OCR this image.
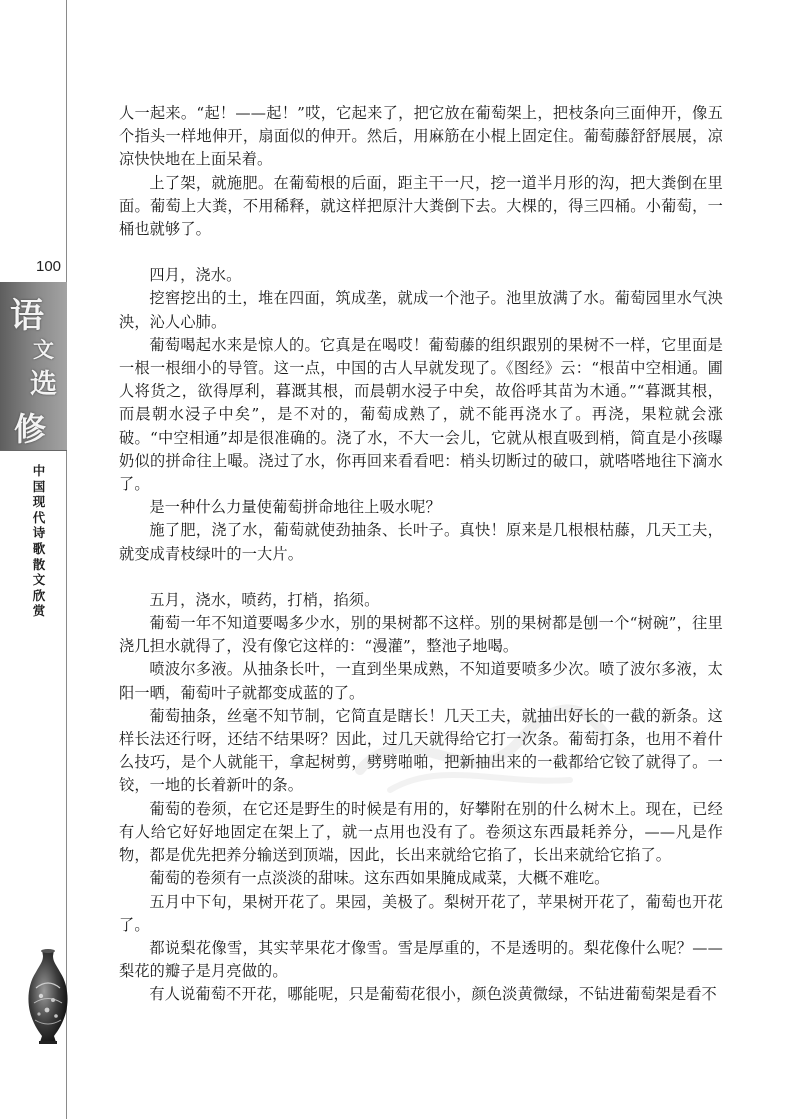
100
语
文
选
修
中
国
现
代
诗
歌
散
文
欣
赏

人一起来。“起！——起！”哎，它起来了，把它放在葡萄架上，把枝条向三面伸开，像五个指头一样地伸开，扇面似的伸开。然后，用麻筋在小棍上固定住。葡萄藤舒舒展展，凉凉快快地在上面呆着。

上了架，就施肥。在葡萄根的后面，距主干一尺，挖一道半月形的沟，把大粪倒在里面。葡萄上大粪，不用稀释，就这样把原汁大粪倒下去。大棵的，得三四桶。小葡萄，一桶也就够了。

四月，浇水。

挖窖挖出的土，堆在四面，筑成垄，就成一个池子。池里放满了水。葡萄园里水气泱泱，沁人心肺。

葡萄喝起水来是惊人的。它真是在喝哎！葡萄藤的组织跟别的果树不一样，它里面是一根一根细小的导管。这一点，中国的古人早就发现了。《图经》云：“根苗中空相通。圃人将货之，欲得厚利，暮溉其根，而晨朝水浸子中矣，故俗呼其苗为木通。”“暮溉其根，而晨朝水浸子中矣”，是不对的，葡萄成熟了，就不能再浇水了。再浇，果粒就会涨破。“中空相通”却是很准确的。浇了水，不大一会儿，它就从根直吸到梢，简直是小孩曝奶似的拼命往上嘬。浇过了水，你再回来看看吧：梢头切断过的破口，就嗒嗒地往下滴水了。

是一种什么力量使葡萄拼命地往上吸水呢？

施了肥，浇了水，葡萄就使劲抽条、长叶子。真快！原来是几根根枯藤，几天工夫，就变成青枝绿叶的一大片。

五月，浇水，喷药，打梢，掐须。

葡萄一年不知道要喝多少水，别的果树都不这样。别的果树都是刨一个“树碗”，往里浇几担水就得了，没有像它这样的：“漫灌”，整池子地喝。

喷波尔多液。从抽条长叶，一直到坐果成熟，不知道要喷多少次。喷了波尔多液，太阳一晒，葡萄叶子就都变成蓝的了。

葡萄抽条，丝毫不知节制，它简直是瞎长！几天工夫，就抽出好长的一截的新条。这样长法还行呀，还结不结果呀？因此，过几天就得给它打一次条。葡萄打条，也用不着什么技巧，是个人就能干，拿起树剪，劈劈啪啪，把新抽出来的一截都给它铰了就得了。一铰，一地的长着新叶的条。

葡萄的卷须，在它还是野生的时候是有用的，好攀附在别的什么树木上。现在，已经有人给它好好地固定在架上了，就一点用也没有了。卷须这东西最耗养分，——凡是作物，都是优先把养分输送到顶端，因此，长出来就给它掐了，长出来就给它掐了。

葡萄的卷须有一点淡淡的甜味。这东西如果腌成咸菜，大概不难吃。

五月中下旬，果树开花了。果园，美极了。梨树开花了，苹果树开花了，葡萄也开花了。

都说梨花像雪，其实苹果花才像雪。雪是厚重的，不是透明的。梨花像什么呢？——梨花的瓣子是月亮做的。

有人说葡萄不开花，哪能呢，只是葡萄花很小，颜色淡黄微绿，不钻进葡萄架是看不
